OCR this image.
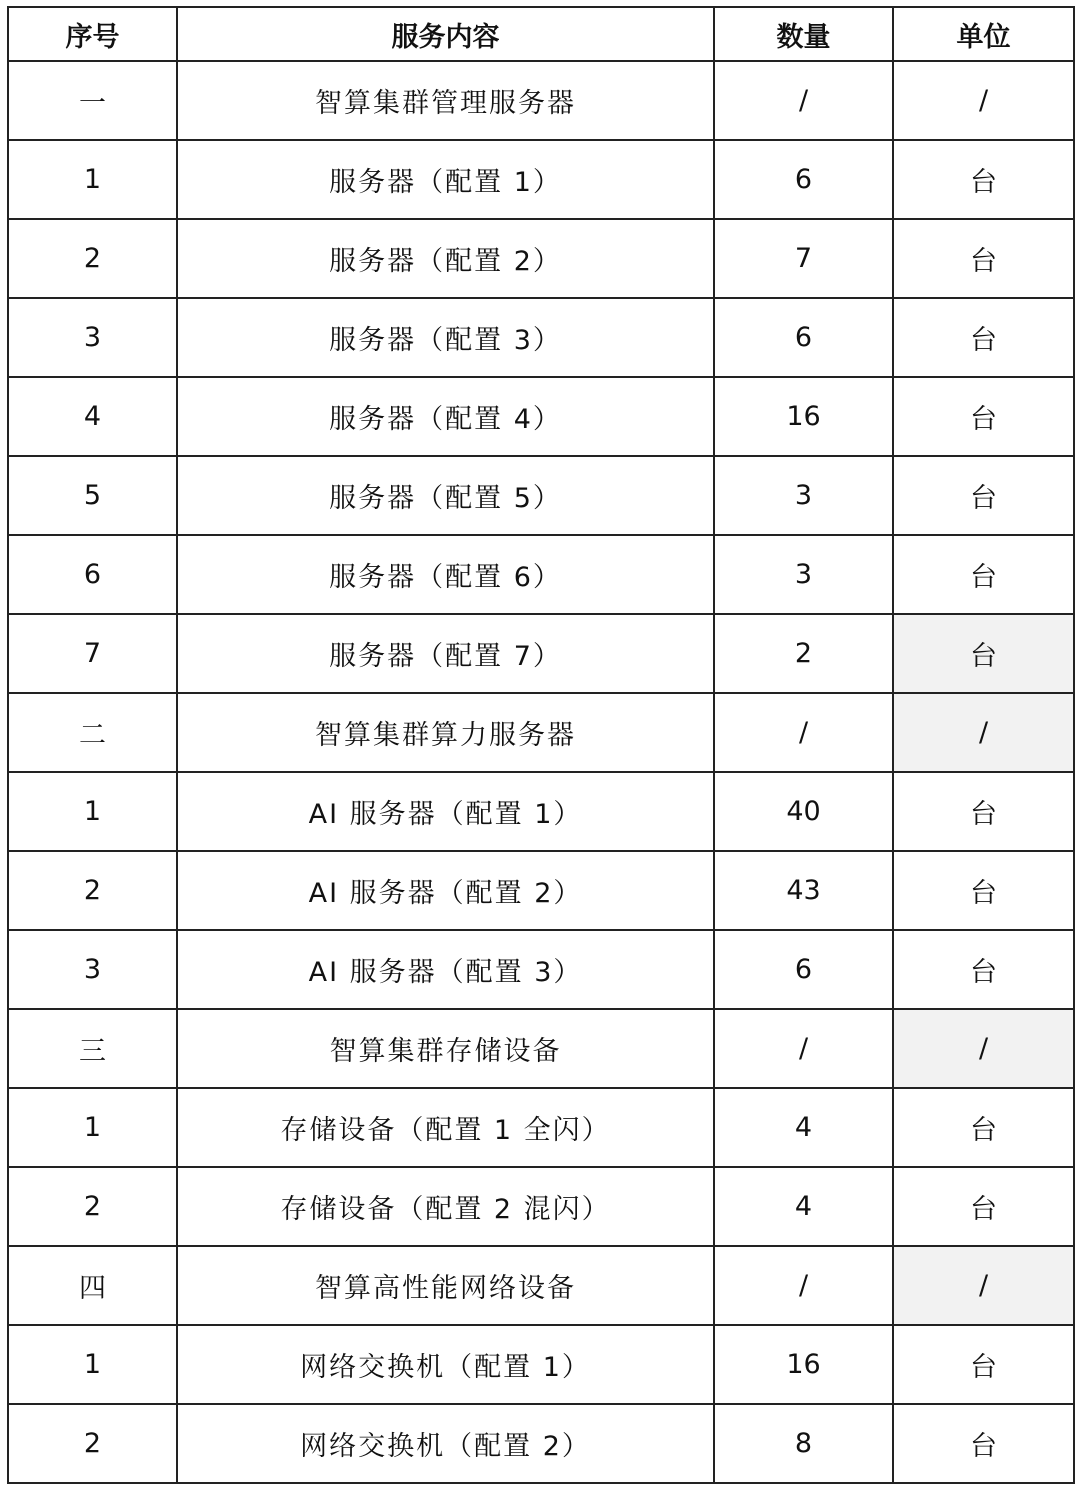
序号	服务内容	数量	单位
一	智算集群管理服务器	/	/
1	服务器（配置 1）	6	台
2	服务器（配置 2）	7	台
3	服务器（配置 3）	6	台
4	服务器（配置 4）	16	台
5	服务器（配置 5）	3	台
6	服务器（配置 6）	3	台
7	服务器（配置 7）	2	台
二	智算集群算力服务器	/	/
1	AI 服务器（配置 1）	40	台
2	AI 服务器（配置 2）	43	台
3	AI 服务器（配置 3）	6	台
三	智算集群存储设备	/	/
1	存储设备（配置 1 全闪）	4	台
2	存储设备（配置 2 混闪）	4	台
四	智算高性能网络设备	/	/
1	网络交换机（配置 1）	16	台
2	网络交换机（配置 2）	8	台
